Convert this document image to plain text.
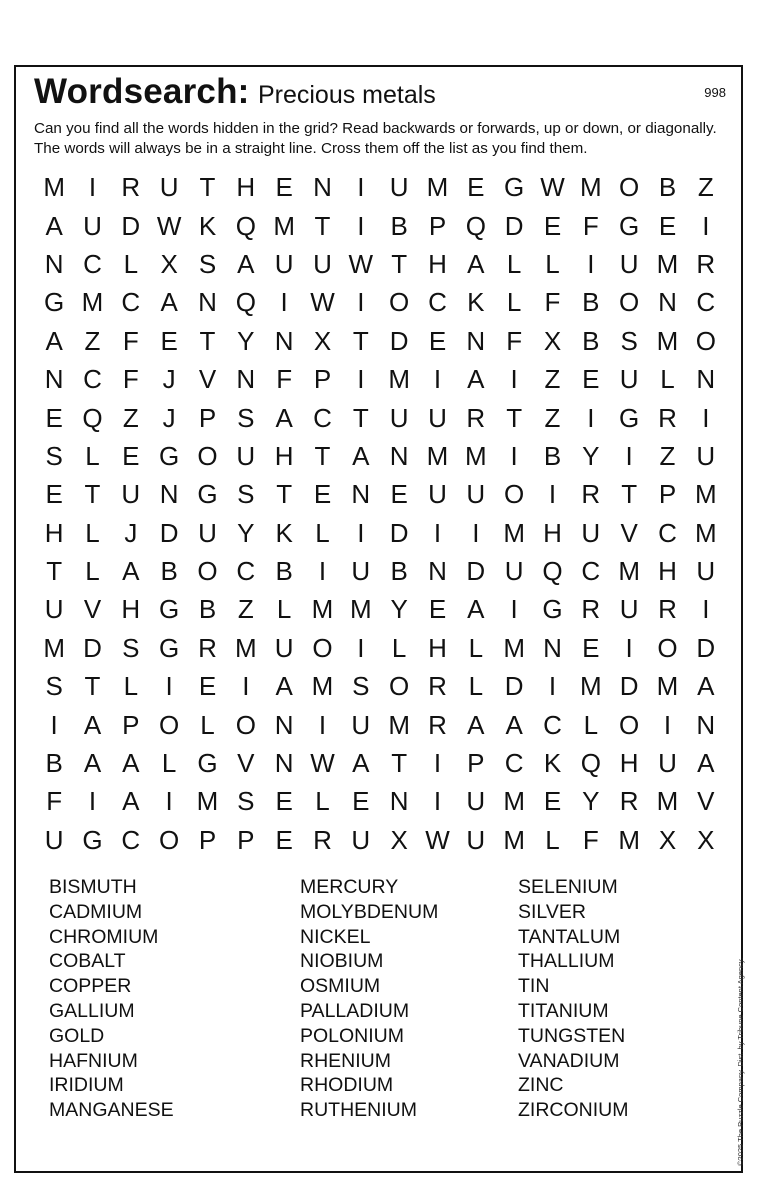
Wordsearch: Precious metals	998
Can you find all the words hidden in the grid? Read backwards or forwards, up or down, or diagonally. The words will always be in a straight line. Cross them off the list as you find them.
M I R U T H E N I U M E G W M O B Z
A U D W K Q M T	I	B P Q D E F G E	I
N C L X S A U U W T H A L L	I U M R
G M C A N Q I W I O C K L F B O N C
A Z F E T Y N X T D E N F X B S M O
N C F J V N F P	I M I	A	I	Z E U L N
E Q Z J P S A C T U U R T Z	I G R I
S L E G O U H T A N M M I	B Y	I	Z U
E T U N G S T E N E U U O I R T P M
H L J D U Y K L	I D I	I M H U V C M
T L A B O C B	I U B N D U Q C M H U
U V H G B Z L M M Y E A	I G R U R I
M D S G R M U O I	L H L M N E	I O D
S T L	I	E	I	A M S O R L D I M D M A
I	A P O L O N I U M R A A C L O I N
B A A L G V N W A T	I	P C K Q H U A
F	I	A	I M S E L E N I U M E Y R M V
U G C O P P E R U X W U M L F M X X
BISMUTH
CADMIUM
CHROMIUM
COBALT
COPPER
GALLIUM
GOLD
HAFNIUM
IRIDIUM
MANGANESE
MERCURY
MOLYBDENUM
NICKEL
NIOBIUM
OSMIUM
PALLADIUM
POLONIUM
RHENIUM
RHODIUM
RUTHENIUM
SELENIUM
SILVER
TANTALUM
THALLIUM
TIN
TITANIUM
TUNGSTEN
VANADIUM
ZINC
ZIRCONIUM	©2025 The Puzzle Company. Dist. by Tribune Content Agency.
